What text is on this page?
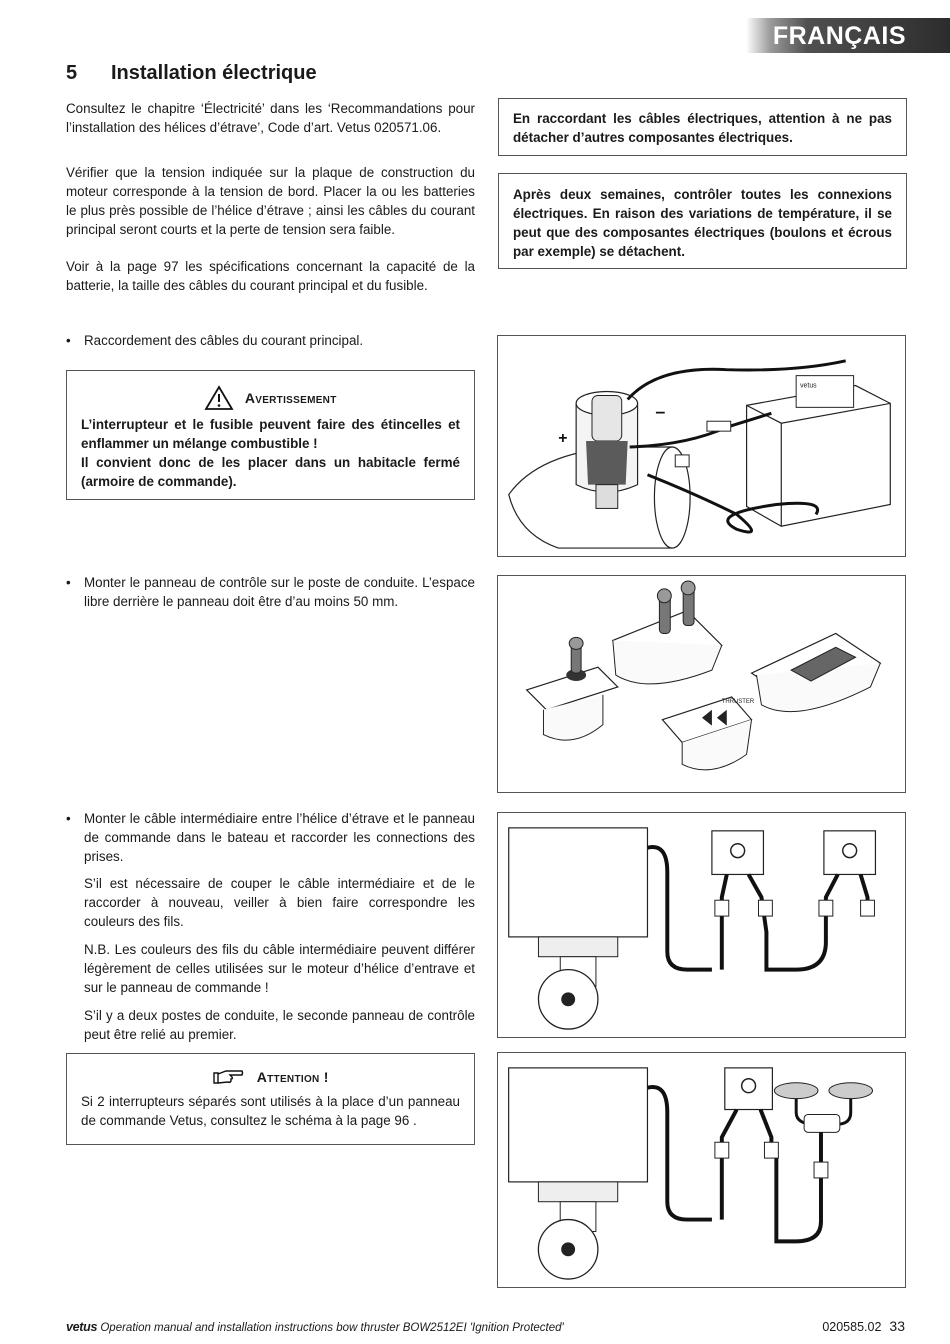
FRANÇAIS
5 Installation électrique

Consultez le chapitre ‘Électricité’ dans les ‘Recommandations pour l’installation des hélices d’étrave’, Code d’art. Vetus 020571.06.

Vérifier que la tension indiquée sur la plaque de construction du moteur corresponde à la tension de bord. Placer la ou les batteries le plus près possible de l’hélice d’étrave ; ainsi les câbles du courant principal seront courts et la perte de tension sera faible.

Voir à la page 97 les spécifications concernant la capacité de la batterie, la taille des câbles du courant principal et du fusible.

En raccordant les câbles électriques, attention à ne pas détacher d’autres composantes électriques.

Après deux semaines, contrôler toutes les connexions électriques. En raison des variations de température, il se peut que des composantes électriques (boulons et écrous par exemple) se détachent.

• Raccordement des câbles du courant principal.
Avertissement

L’interrupteur et le fusible peuvent faire des étincelles et enflammer un mélange combustible !

Il convient donc de les placer dans un habitacle fermé (armoire de commande).

vetus
+
–
• Monter le panneau de contrôle sur le poste de conduite. L’espace libre derrière le panneau doit être d’au moins 50 mm.
THRUSTER
• Monter le câble intermédiaire entre l’hélice d’étrave et le panneau de commande dans le bateau et raccorder les connections des prises.

S’il est nécessaire de couper le câble intermédiaire et de le raccorder à nouveau, veiller à bien faire correspondre les couleurs des fils.

N.B. Les couleurs des fils du câble intermédiaire peuvent différer légèrement de celles utilisées sur le moteur d’hélice d’entrave et sur le panneau de commande !

S’il y a deux postes de conduite, le seconde panneau de contrôle peut être relié au premier.

Attention !

Si 2 interrupteurs séparés sont utilisés à la place d’un panneau de commande Vetus, consultez le schéma à la page 96 .

vetus Operation manual and installation instructions bow thruster BOW2512EI 'Ignition Protected'	020585.02 33
